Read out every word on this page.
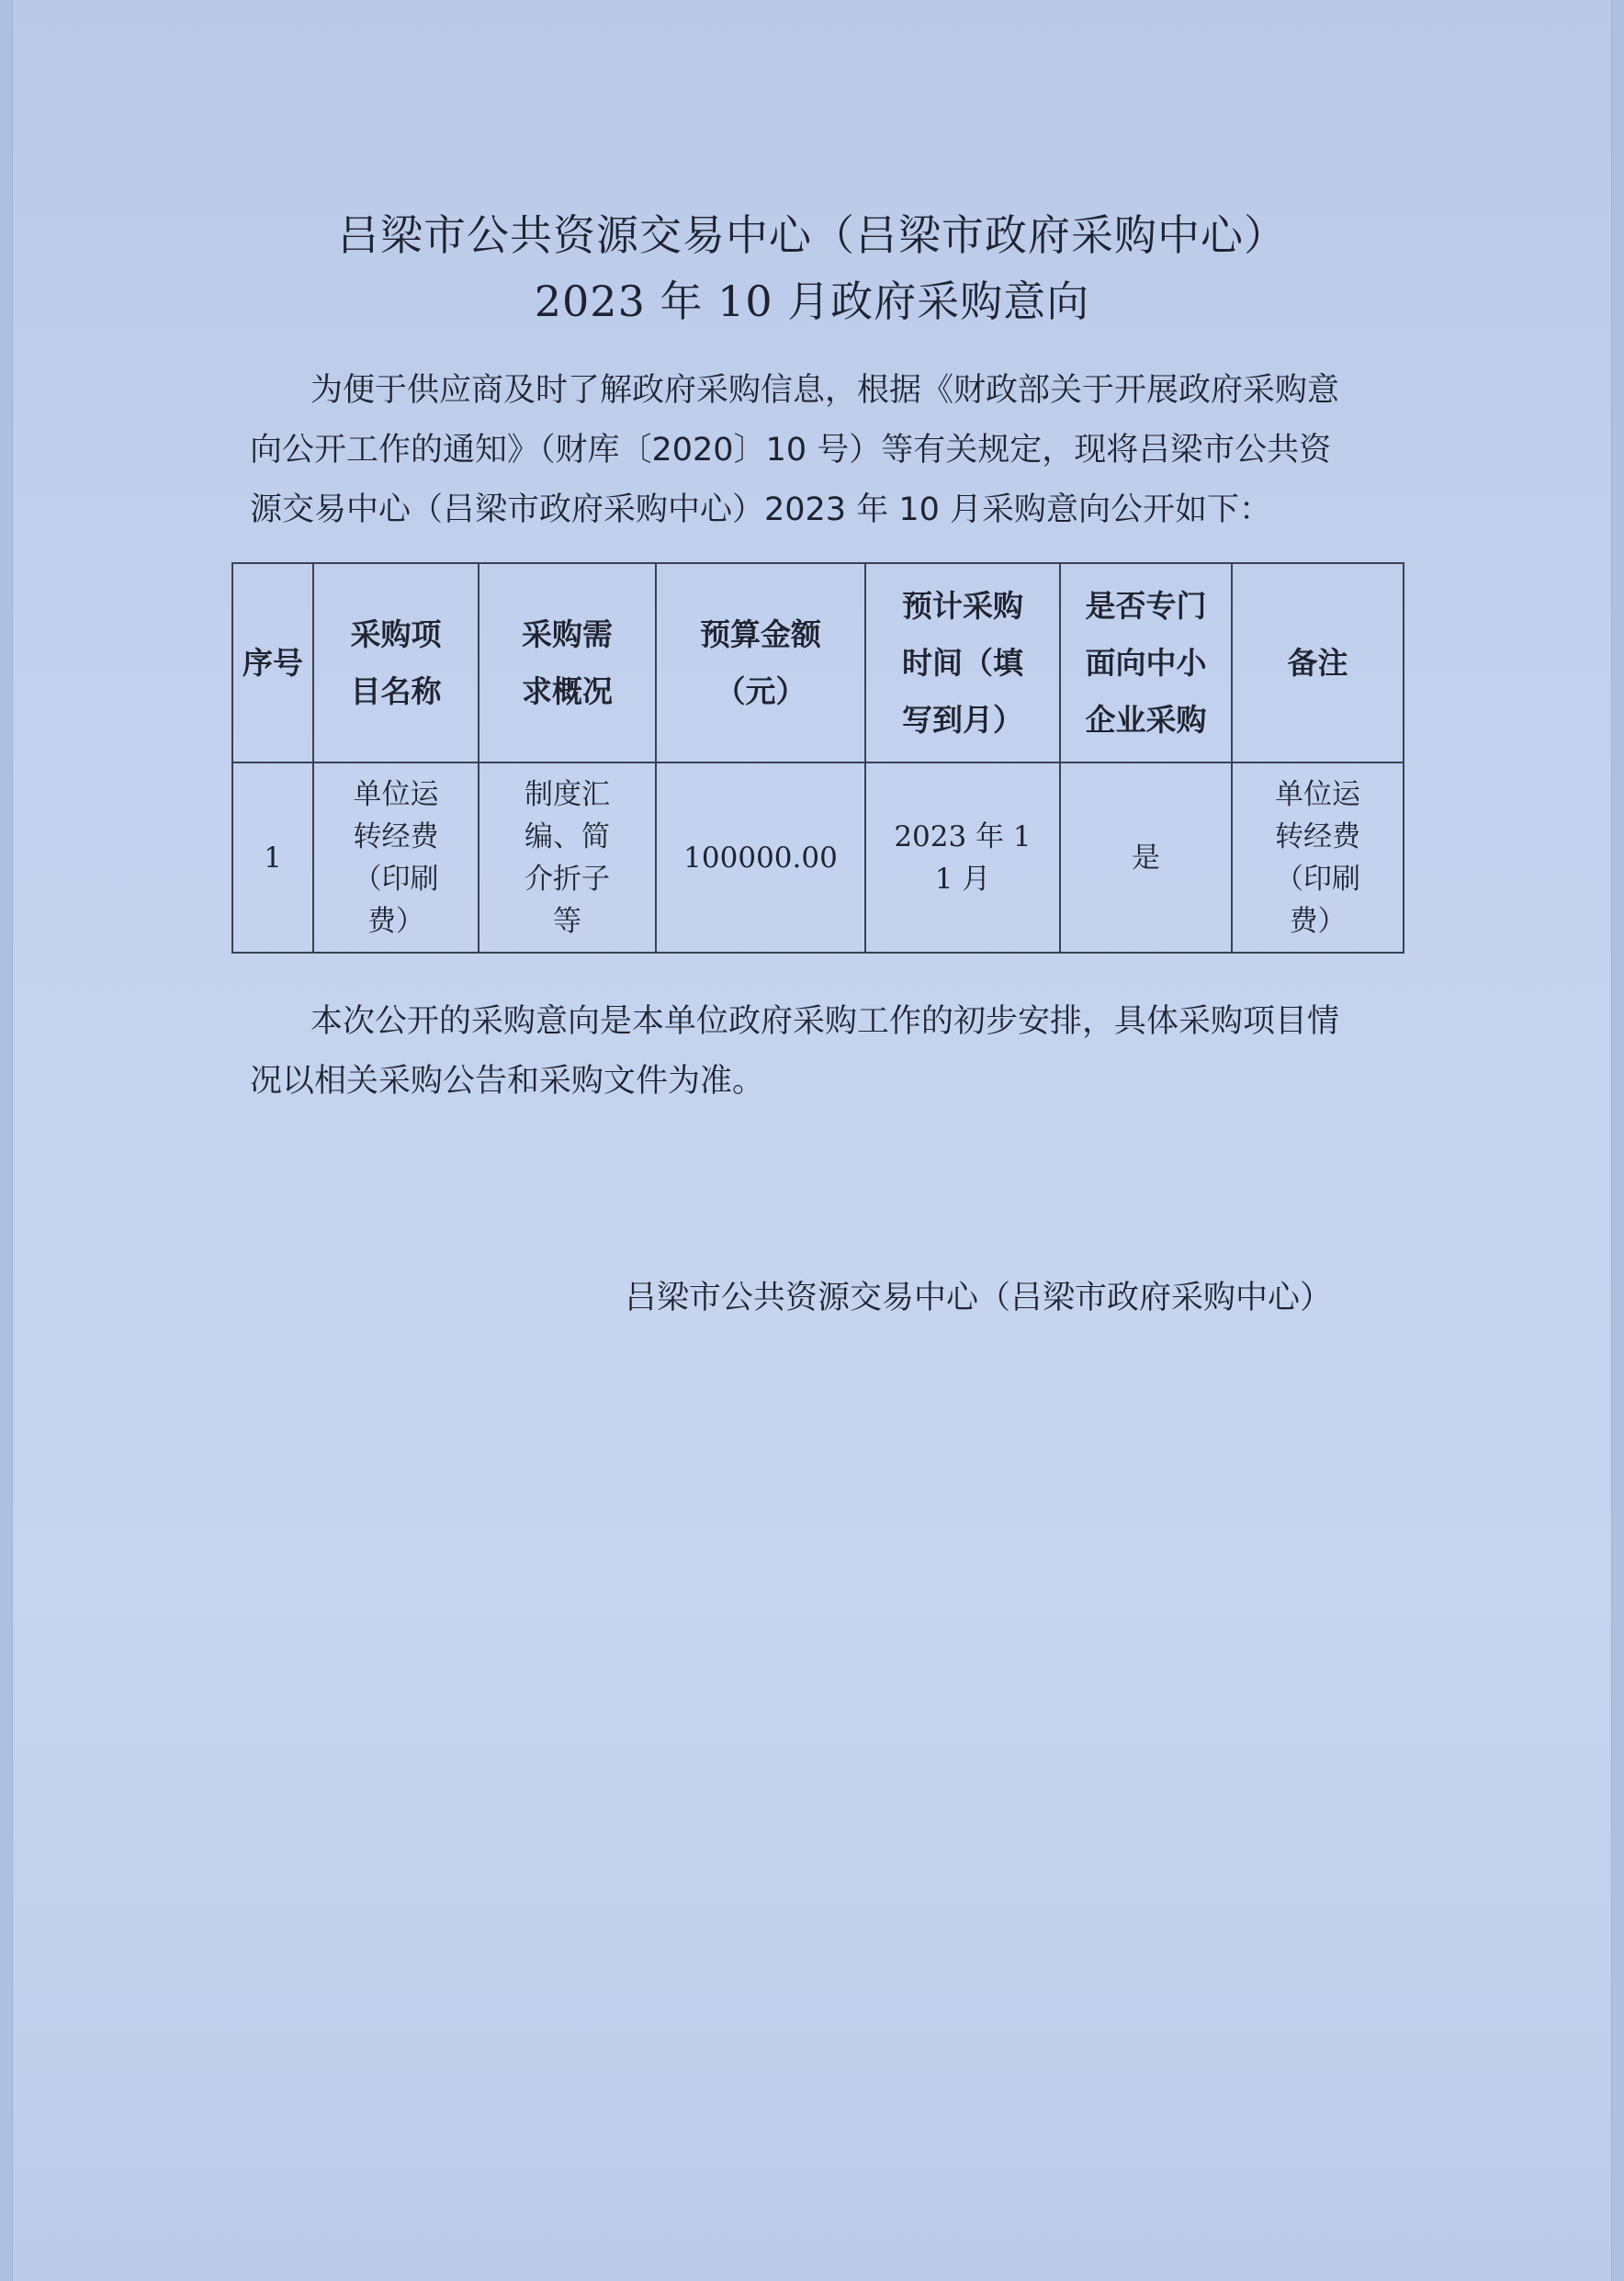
吕梁市公共资源交易中心（吕梁市政府采购中心）
2023 年 10 月政府采购意向
为便于供应商及时了解政府采购信息，根据《财政部关于开展政府采购意
向公开工作的通知》（财库〔2020〕10 号）等有关规定，现将吕梁市公共资
源交易中心（吕梁市政府采购中心）2023 年 10 月采购意向公开如下：
序号	采购项目名称	采购需求概况	预算金额（元）	预计采购时间（填写到月）	是否专门面向中小企业采购	备注
1	单位运转经费（印刷费）	制度汇编、简介折子等	100000.00	2023 年 11 月	是	单位运转经费（印刷费）
本次公开的采购意向是本单位政府采购工作的初步安排，具体采购项目情
况以相关采购公告和采购文件为准。
吕梁市公共资源交易中心（吕梁市政府采购中心）
